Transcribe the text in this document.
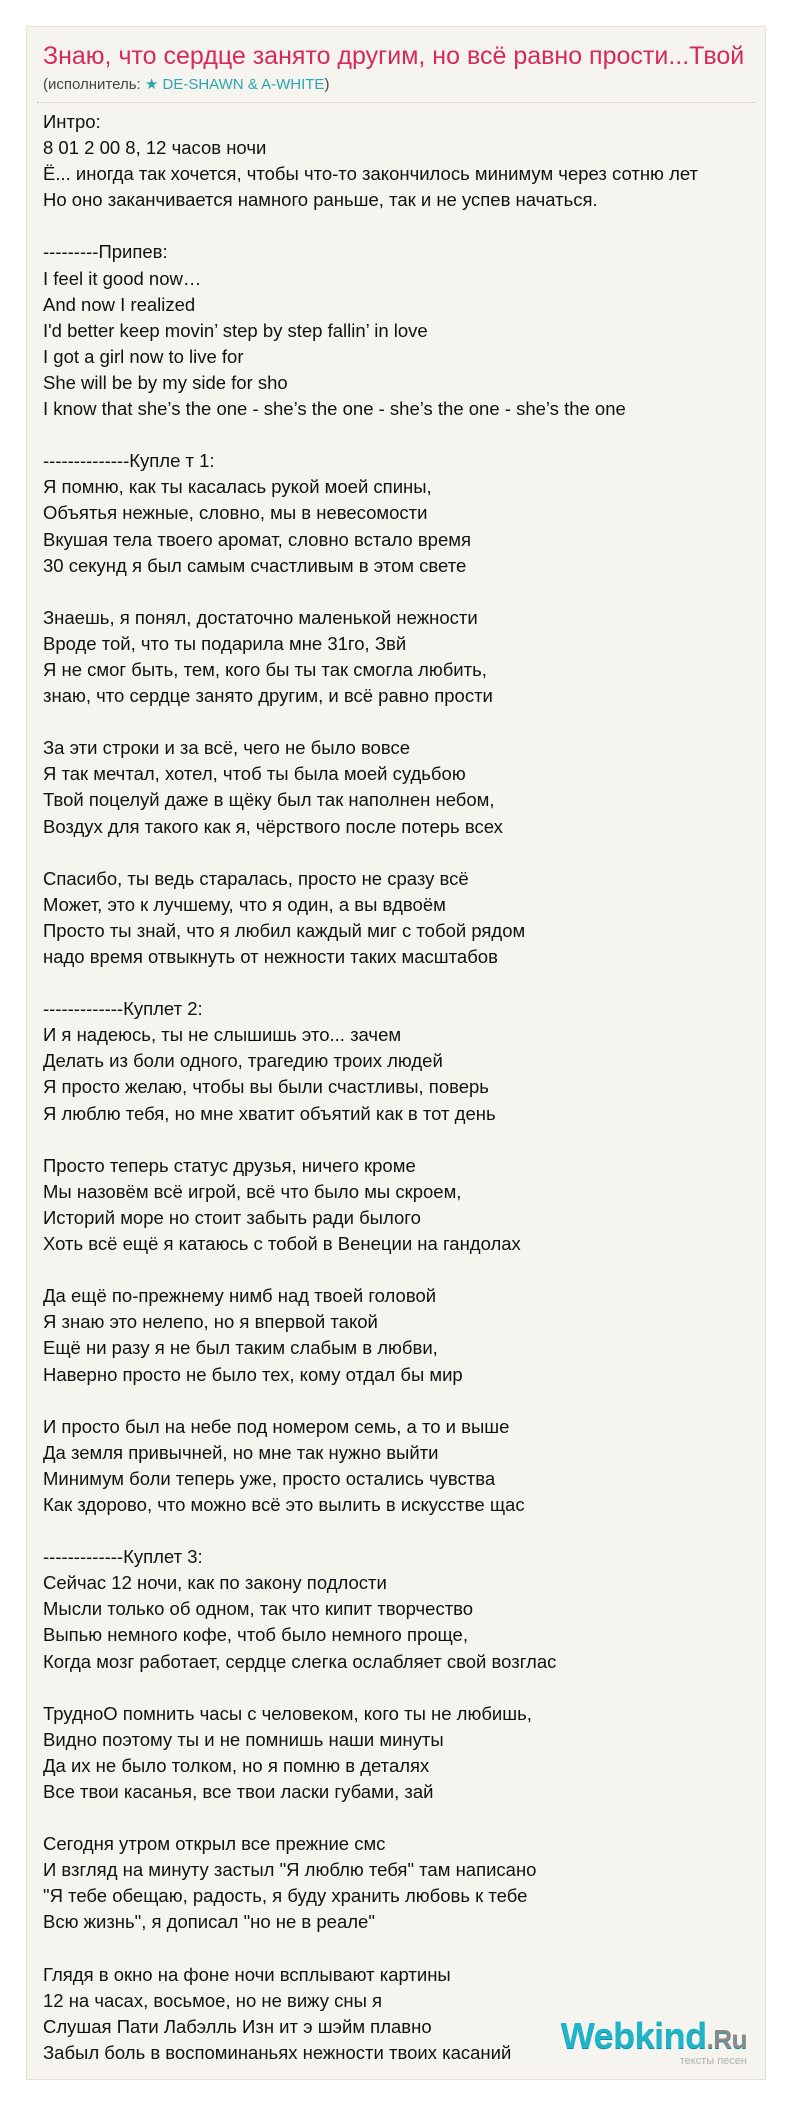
Знаю, что сердце занято другим, но всё равно прости...Твой
(исполнитель: ★ DE-SHAWN & A-WHITE)
Интро:
8 01 2 00 8, 12 часов ночи
Ё... иногда так хочется, чтобы что-то закончилось минимум через сотню лет
Но оно заканчивается намного раньше, так и не успев начаться.

---------Припев:
I feel it good now…
And now I realized
I'd better keep movin’ step by step fallin’ in love
I got a girl now to live for
She will be by my side for sho
I know that she’s the one - she’s the one - she’s the one - she’s the one

--------------Купле т 1:
Я помню, как ты касалась рукой моей спины,
Объятья нежные, словно, мы в невесомости
Вкушая тела твоего аромат, словно встало время
30 секунд я был самым счастливым в этом свете

Знаешь, я понял, достаточно маленькой нежности
Вроде той, что ты подарила мне 31го, Звй
Я не смог быть, тем, кого бы ты так смогла любить,
знаю, что сердце занято другим, и всё равно прости

За эти строки и за всё, чего не было вовсе
Я так мечтал, хотел, чтоб ты была моей судьбою
Твой поцелуй даже в щёку был так наполнен небом,
Воздух для такого как я, чёрствого после потерь всех

Спасибо, ты ведь старалась, просто не сразу всё
Может, это к лучшему, что я один, а вы вдвоём
Просто ты знай, что я любил каждый миг с тобой рядом
надо время отвыкнуть от нежности таких масштабов

-------------Куплет 2:
И я надеюсь, ты не слышишь это... зачем
Делать из боли одного, трагедию троих людей
Я просто желаю, чтобы вы были счастливы, поверь
Я люблю тебя, но мне хватит объятий как в тот день

Просто теперь статус друзья, ничего кроме
Мы назовём всё игрой, всё что было мы скроем,
Историй море но стоит забыть ради былого
Хоть всё ещё я катаюсь с тобой в Венеции на гандолах

Да ещё по-прежнему нимб над твоей головой
Я знаю это нелепо, но я впервой такой
Ещё ни разу я не был таким слабым в любви,
Наверно просто не было тех, кому отдал бы мир

И просто был на небе под номером семь, а то и выше
Да земля привычней, но мне так нужно выйти
Минимум боли теперь уже, просто остались чувства
Как здорово, что можно всё это вылить в искусстве щас

-------------Куплет 3:
Сейчас 12 ночи, как по закону подлости
Мысли только об одном, так что кипит творчество
Выпью немного кофе, чтоб было немного проще,
Когда мозг работает, сердце слегка ослабляет свой возглас

ТрудноО помнить часы с человеком, кого ты не любишь,
Видно поэтому ты и не помнишь наши минуты
Да их не было толком, но я помню в деталях
Все твои касанья, все твои ласки губами, зай

Сегодня утром открыл все прежние смс
И взгляд на минуту застыл "Я люблю тебя" там написано
"Я тебе обещаю, радость, я буду хранить любовь к тебе
Всю жизнь", я дописал "но не в реале"

Глядя в окно на фоне ночи всплывают картины
12 на часах, восьмое, но не вижу сны я
Слушая Пати Лабэлль Изн ит э шэйм плавно
Забыл боль в воспоминаньях нежности твоих касаний	Webkind.Ru
тексты песен
